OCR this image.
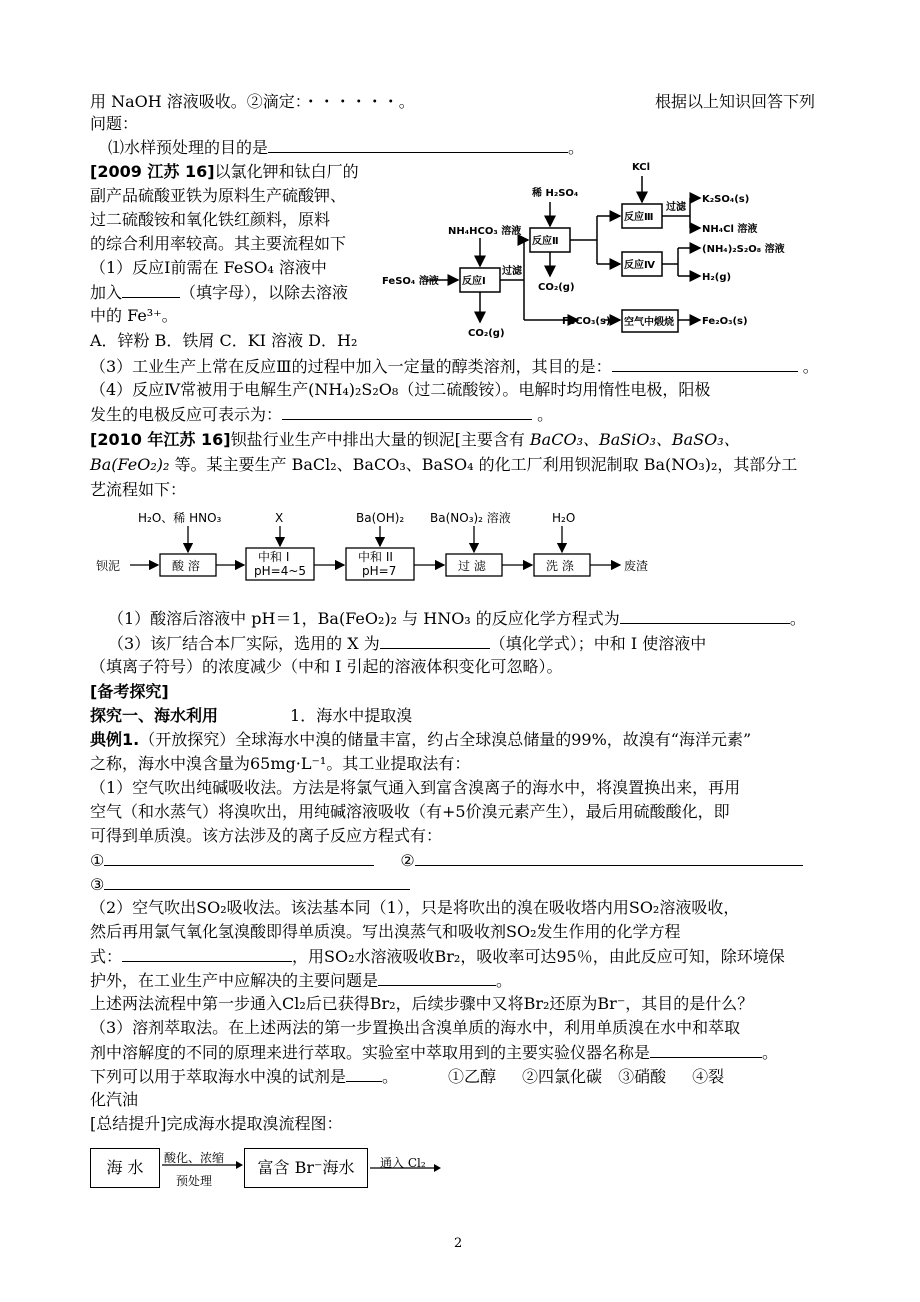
用 NaOH 溶液吸收。②滴定：・・・・・・。	根据以上知识回答下列
问题：
⑴水样预处理的目的是	。
[2009 江苏 16]以氯化钾和钛白厂的
副产品硫酸亚铁为原料生产硫酸钾、
过二硫酸铵和氧化铁红颜料，原料
的综合利用率较高。其主要流程如下
（1）反应Ⅰ前需在 FeSO₄ 溶液中
加入	（填字母），以除去溶液
中的 Fe³⁺。
A．锌粉 B．铁屑 C．KI 溶液 D．H₂
FeSO₄ 溶液 反应Ⅰ
NH₄HCO₃ 溶液
CO₂(g)
过滤
反应Ⅱ
稀 H₂SO₄
CO₂(g)
反应Ⅲ
反应Ⅳ
KCl
过滤
K₂SO₄(s)
NH₄Cl 溶液
(NH₄)₂S₂O₈ 溶液
H₂(g)
FeCO₃(s) 空气中煅烧	Fe₂O₃(s)
（3）工业生产上常在反应Ⅲ的过程中加入一定量的醇类溶剂，其目的是：	。
（4）反应Ⅳ常被用于电解生产(NH₄)₂S₂O₈（过二硫酸铵）。电解时均用惰性电极，阳极
发生的电极反应可表示为：	。
[2010 年江苏 16]钡盐行业生产中排出大量的钡泥[主要含有 BaCO₃、BaSiO₃、BaSO₃、
Ba(FeO₂)₂ 等。某主要生产 BaCl₂、BaCO₃、BaSO₄ 的化工厂利用钡泥制取 Ba(NO₃)₂，其部分工
艺流程如下：
H₂O、稀 HNO₃	X	Ba(OH)₂ Ba(NO₃)₂ 溶液	H₂O
钡泥	酸 溶
中和 I
pH=4~5
中和 II
pH=7	过 滤	洗 涤	废渣
（1）酸溶后溶液中 pH＝1，Ba(FeO₂)₂ 与 HNO₃ 的反应化学方程式为	。
（3）该厂结合本厂实际，选用的 X 为	（填化学式）；中和 I 使溶液中
（填离子符号）的浓度减少（中和 I 引起的溶液体积变化可忽略）。
[备考探究]
探究一、海水利用	1．海水中提取溴
典例1.（开放探究）全球海水中溴的储量丰富，约占全球溴总储量的99%，故溴有“海洋元素”
之称，海水中溴含量为65mg·L⁻¹。其工业提取法有：
（1）空气吹出纯碱吸收法。方法是将氯气通入到富含溴离子的海水中，将溴置换出来，再用
空气（和水蒸气）将溴吹出，用纯碱溶液吸收（有+5价溴元素产生），最后用硫酸酸化，即
可得到单质溴。该方法涉及的离子反应方程式有：
①	②
③
（2）空气吹出SO₂吸收法。该法基本同（1），只是将吹出的溴在吸收塔内用SO₂溶液吸收，
然后再用氯气氧化氢溴酸即得单质溴。写出溴蒸气和吸收剂SO₂发生作用的化学方程
式：	，用SO₂水溶液吸收Br₂，吸收率可达95％，由此反应可知，除环境保
护外，在工业生产中应解决的主要问题是	。
上述两法流程中第一步通入Cl₂后已获得Br₂，后续步骤中又将Br₂还原为Br⁻，其目的是什么？
（3）溶剂萃取法。在上述两法的第一步置换出含溴单质的海水中，利用单质溴在水中和萃取
剂中溶解度的不同的原理来进行萃取。实验室中萃取用到的主要实验仪器名称是	。
下列可以用于萃取海水中溴的试剂是 。	①乙醇 ②四氯化碳 ③硝酸 ④裂
化汽油
[总结提升]完成海水提取溴流程图：
海 水	酸化、浓缩
预处理
富含 Br⁻海水	通入 Cl₂
2
